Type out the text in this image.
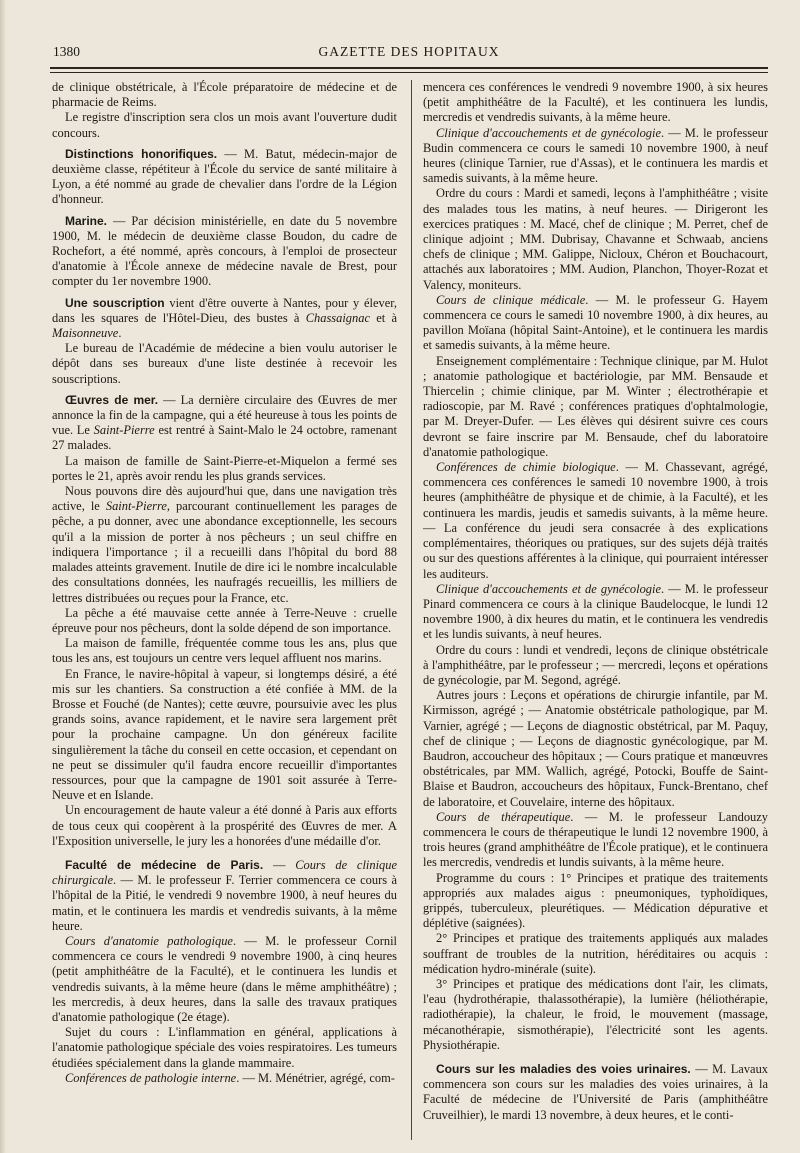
1380	GAZETTE DES HOPITAUX

de clinique obstétricale, à l'École préparatoire de médecine et de pharmacie de Reims.

Le registre d'inscription sera clos un mois avant l'ouverture dudit concours.

Distinctions honorifiques. — M. Batut, médecin-major de deuxième classe, répétiteur à l'École du service de santé militaire à Lyon, a été nommé au grade de chevalier dans l'ordre de la Légion d'honneur.

Marine. — Par décision ministérielle, en date du 5 novembre 1900, M. le médecin de deuxième classe Boudon, du cadre de Rochefort, a été nommé, après concours, à l'emploi de prosecteur d'anatomie à l'École annexe de médecine navale de Brest, pour compter du 1er novembre 1900.

Une souscription vient d'être ouverte à Nantes, pour y élever, dans les squares de l'Hôtel-Dieu, des bustes à Chassaignac et à Maisonneuve.

Le bureau de l'Académie de médecine a bien voulu autoriser le dépôt dans ses bureaux d'une liste destinée à recevoir les souscriptions.

Œuvres de mer. — La dernière circulaire des Œuvres de mer annonce la fin de la campagne, qui a été heureuse à tous les points de vue. Le Saint-Pierre est rentré à Saint-Malo le 24 octobre, ramenant 27 malades.

La maison de famille de Saint-Pierre-et-Miquelon a fermé ses portes le 21, après avoir rendu les plus grands services.

Nous pouvons dire dès aujourd'hui que, dans une navigation très active, le Saint-Pierre, parcourant continuellement les parages de pêche, a pu donner, avec une abondance exceptionnelle, les secours qu'il a la mission de porter à nos pêcheurs ; un seul chiffre en indiquera l'importance ; il a recueilli dans l'hôpital du bord 88 malades atteints gravement. Inutile de dire ici le nombre incalculable des consultations données, les naufragés recueillis, les milliers de lettres distribuées ou reçues pour la France, etc.

La pêche a été mauvaise cette année à Terre-Neuve : cruelle épreuve pour nos pêcheurs, dont la solde dépend de son importance.

La maison de famille, fréquentée comme tous les ans, plus que tous les ans, est toujours un centre vers lequel affluent nos marins.

En France, le navire-hôpital à vapeur, si longtemps désiré, a été mis sur les chantiers. Sa construction a été confiée à MM. de la Brosse et Fouché (de Nantes); cette œuvre, poursuivie avec les plus grands soins, avance rapidement, et le navire sera largement prêt pour la prochaine campagne. Un don généreux facilite singulièrement la tâche du conseil en cette occasion, et cependant on ne peut se dissimuler qu'il faudra encore recueillir d'importantes ressources, pour que la campagne de 1901 soit assurée à Terre-Neuve et en Islande.

Un encouragement de haute valeur a été donné à Paris aux efforts de tous ceux qui coopèrent à la prospérité des Œuvres de mer. A l'Exposition universelle, le jury les a honorées d'une médaille d'or.

Faculté de médecine de Paris. — Cours de clinique chirurgicale. — M. le professeur F. Terrier commencera ce cours à l'hôpital de la Pitié, le vendredi 9 novembre 1900, à neuf heures du matin, et le continuera les mardis et vendredis suivants, à la même heure.

Cours d'anatomie pathologique. — M. le professeur Cornil commencera ce cours le vendredi 9 novembre 1900, à cinq heures (petit amphithéâtre de la Faculté), et le continuera les lundis et vendredis suivants, à la même heure (dans le même amphithéâtre) ; les mercredis, à deux heures, dans la salle des travaux pratiques d'anatomie pathologique (2e étage).

Sujet du cours : L'inflammation en général, applications à l'anatomie pathologique spéciale des voies respiratoires. Les tumeurs étudiées spécialement dans la glande mammaire.

Conférences de pathologie interne. — M. Ménétrier, agrégé, com-

mencera ces conférences le vendredi 9 novembre 1900, à six heures (petit amphithéâtre de la Faculté), et les continuera les lundis, mercredis et vendredis suivants, à la même heure.

Clinique d'accouchements et de gynécologie. — M. le professeur Budin commencera ce cours le samedi 10 novembre 1900, à neuf heures (clinique Tarnier, rue d'Assas), et le continuera les mardis et samedis suivants, à la même heure.

Ordre du cours : Mardi et samedi, leçons à l'amphithéâtre ; visite des malades tous les matins, à neuf heures. — Dirigeront les exercices pratiques : M. Macé, chef de clinique ; M. Perret, chef de clinique adjoint ; MM. Dubrisay, Chavanne et Schwaab, anciens chefs de clinique ; MM. Galippe, Nicloux, Chéron et Bouchacourt, attachés aux laboratoires ; MM. Audion, Planchon, Thoyer-Rozat et Valency, moniteurs.

Cours de clinique médicale. — M. le professeur G. Hayem commencera ce cours le samedi 10 novembre 1900, à dix heures, au pavillon Moïana (hôpital Saint-Antoine), et le continuera les mardis et samedis suivants, à la même heure.

Enseignement complémentaire : Technique clinique, par M. Hulot ; anatomie pathologique et bactériologie, par MM. Bensaude et Thiercelin ; chimie clinique, par M. Winter ; électrothérapie et radioscopie, par M. Ravé ; conférences pratiques d'ophtalmologie, par M. Dreyer-Dufer. — Les élèves qui désirent suivre ces cours devront se faire inscrire par M. Bensaude, chef du laboratoire d'anatomie pathologique.

Conférences de chimie biologique. — M. Chassevant, agrégé, commencera ces conférences le samedi 10 novembre 1900, à trois heures (amphithéâtre de physique et de chimie, à la Faculté), et les continuera les mardis, jeudis et samedis suivants, à la même heure. — La conférence du jeudi sera consacrée à des explications complémentaires, théoriques ou pratiques, sur des sujets déjà traités ou sur des questions afférentes à la clinique, qui pourraient intéresser les auditeurs.

Clinique d'accouchements et de gynécologie. — M. le professeur Pinard commencera ce cours à la clinique Baudelocque, le lundi 12 novembre 1900, à dix heures du matin, et le continuera les vendredis et les lundis suivants, à neuf heures.

Ordre du cours : lundi et vendredi, leçons de clinique obstétricale à l'amphithéâtre, par le professeur ; — mercredi, leçons et opérations de gynécologie, par M. Segond, agrégé.

Autres jours : Leçons et opérations de chirurgie infantile, par M. Kirmisson, agrégé ; — Anatomie obstétricale pathologique, par M. Varnier, agrégé ; — Leçons de diagnostic obstétrical, par M. Paquy, chef de clinique ; — Leçons de diagnostic gynécologique, par M. Baudron, accoucheur des hôpitaux ; — Cours pratique et manœuvres obstétricales, par MM. Wallich, agrégé, Potocki, Bouffe de Saint-Blaise et Baudron, accoucheurs des hôpitaux, Funck-Brentano, chef de laboratoire, et Couvelaire, interne des hôpitaux.

Cours de thérapeutique. — M. le professeur Landouzy commencera le cours de thérapeutique le lundi 12 novembre 1900, à trois heures (grand amphithéâtre de l'École pratique), et le continuera les mercredis, vendredis et lundis suivants, à la même heure.

Programme du cours : 1° Principes et pratique des traitements appropriés aux malades aigus : pneumoniques, typhoïdiques, grippés, tuberculeux, pleurétiques. — Médication dépurative et déplétive (saignées).

2° Principes et pratique des traitements appliqués aux malades souffrant de troubles de la nutrition, héréditaires ou acquis : médication hydro-minérale (suite).

3° Principes et pratique des médications dont l'air, les climats, l'eau (hydrothérapie, thalassothérapie), la lumière (héliothérapie, radiothérapie), la chaleur, le froid, le mouvement (massage, mécanothérapie, sismothérapie), l'électricité sont les agents. Physiothérapie.

Cours sur les maladies des voies urinaires. — M. Lavaux commencera son cours sur les maladies des voies urinaires, à la Faculté de médecine de l'Université de Paris (amphithéâtre Cruveilhier), le mardi 13 novembre, à deux heures, et le conti-
